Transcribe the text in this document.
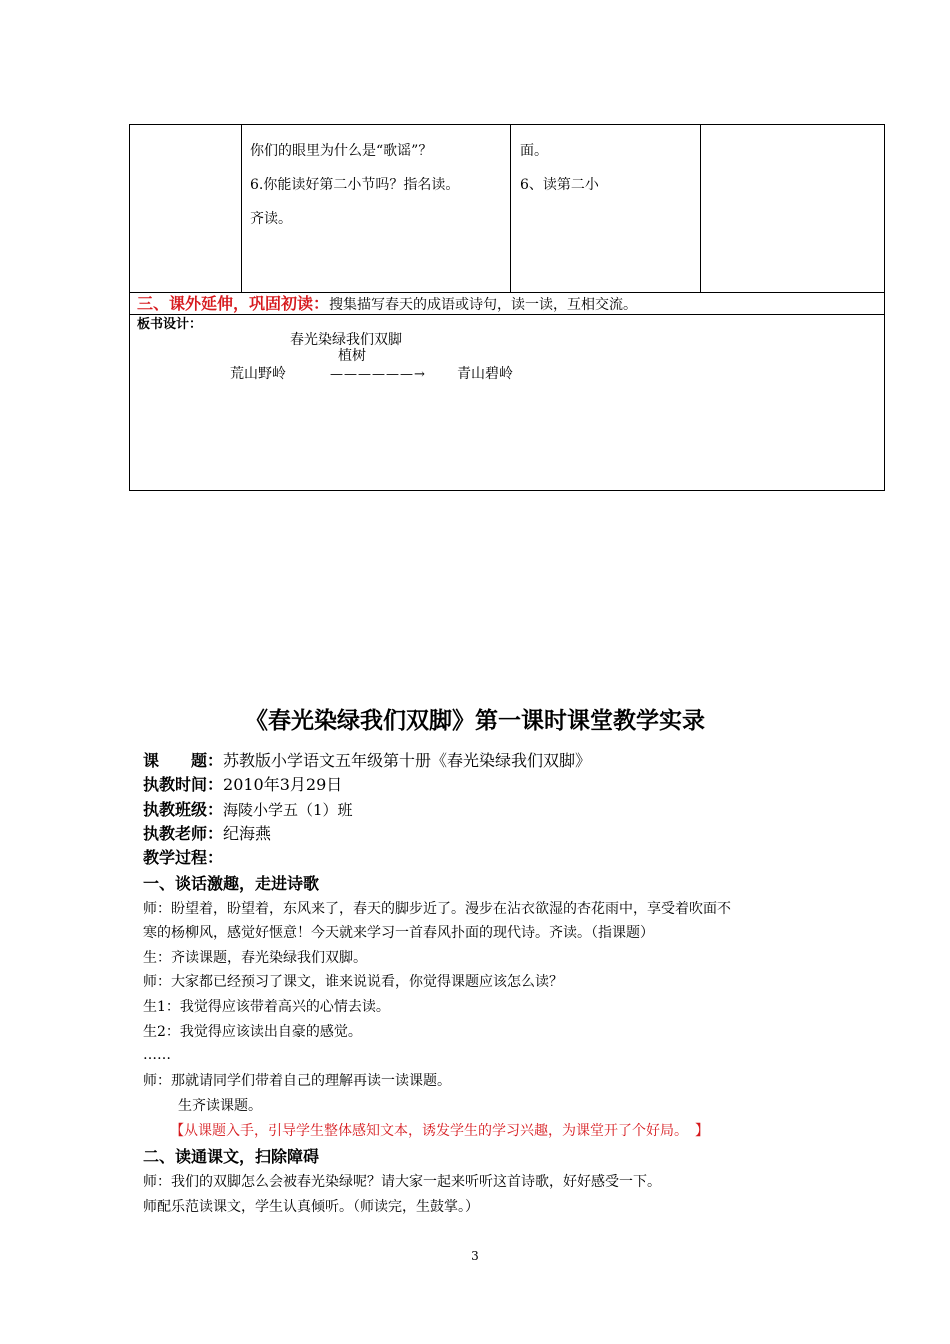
你们的眼里为什么是“歌谣”？

6.你能读好第二小节吗？指名读。

齐读。

面。

6、读第二小

三、课外延伸，巩固初读：搜集描写春天的成语或诗句，读一读，互相交流。
板书设计：
春光染绿我们双脚
植树
荒山野岭	——————→ 青山碧岭
《春光染绿我们双脚》第一课时课堂教学实录
课　　题：苏教版小学语文五年级第十册《春光染绿我们双脚》
执教时间：2010年3月29日
执教班级：海陵小学五（1）班
执教老师：纪海燕
教学过程：
一、谈话激趣，走进诗歌
师：盼望着，盼望着，东风来了，春天的脚步近了。漫步在沾衣欲湿的杏花雨中，享受着吹面不
寒的杨柳风，感觉好惬意！今天就来学习一首春风扑面的现代诗。齐读。（指课题）
生：齐读课题，春光染绿我们双脚。
师：大家都已经预习了课文，谁来说说看，你觉得课题应该怎么读？
生1：我觉得应该带着高兴的心情去读。
生2：我觉得应该读出自豪的感觉。
……
师：那就请同学们带着自己的理解再读一读课题。
生齐读课题。
【从课题入手，引导学生整体感知文本，诱发学生的学习兴趣，为课堂开了个好局。　】
二、读通课文，扫除障碍
师：我们的双脚怎么会被春光染绿呢？请大家一起来听听这首诗歌，好好感受一下。
师配乐范读课文，学生认真倾听。（师读完，生鼓掌。）
3
